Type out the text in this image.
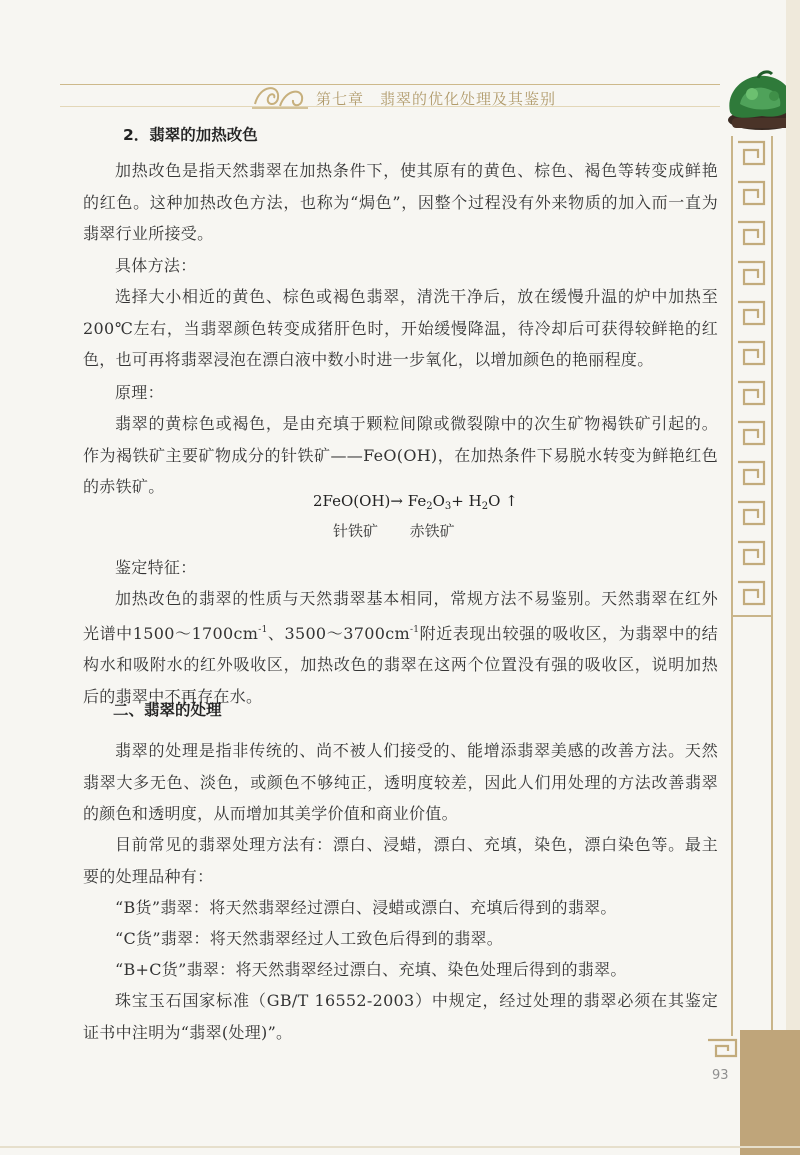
第七章　翡翠的优化处理及其鉴别
93
2．翡翠的加热改色

加热改色是指天然翡翠在加热条件下，使其原有的黄色、棕色、褐色等转变成鲜艳的红色。这种加热改色方法，也称为“焗色”，因整个过程没有外来物质的加入而一直为翡翠行业所接受。

具体方法：

选择大小相近的黄色、棕色或褐色翡翠，清洗干净后，放在缓慢升温的炉中加热至200℃左右，当翡翠颜色转变成猪肝色时，开始缓慢降温，待冷却后可获得较鲜艳的红色，也可再将翡翠浸泡在漂白液中数小时进一步氧化，以增加颜色的艳丽程度。

原理：

翡翠的黄棕色或褐色，是由充填于颗粒间隙或微裂隙中的次生矿物褐铁矿引起的。作为褐铁矿主要矿物成分的针铁矿——FeO(OH)，在加热条件下易脱水转变为鲜艳红色的赤铁矿。

$2FeO(OH)\to Fe_2O_3+ H_2O$ ↑
针铁矿 赤铁矿

鉴定特征：

加热改色的翡翠的性质与天然翡翠基本相同，常规方法不易鉴别。天然翡翠在红外光谱中$1500\sim 1700cm^{-1}$、$3500\sim 3700cm^{-1}$附近表现出较强的吸收区，为翡翠中的结构水和吸附水的红外吸收区，加热改色的翡翠在这两个位置没有强的吸收区，说明加热后的翡翠中不再存在水。

二、翡翠的处理

翡翠的处理是指非传统的、尚不被人们接受的、能增添翡翠美感的改善方法。天然翡翠大多无色、淡色，或颜色不够纯正，透明度较差，因此人们用处理的方法改善翡翠的颜色和透明度，从而增加其美学价值和商业价值。

目前常见的翡翠处理方法有：漂白、浸蜡，漂白、充填，染色，漂白染色等。最主要的处理品种有：

“B货”翡翠：将天然翡翠经过漂白、浸蜡或漂白、充填后得到的翡翠。

“C货”翡翠：将天然翡翠经过人工致色后得到的翡翠。

“B+C货”翡翠：将天然翡翠经过漂白、充填、染色处理后得到的翡翠。

珠宝玉石国家标准（GB/T 16552-2003）中规定，经过处理的翡翠必须在其鉴定证书中注明为“翡翠(处理)”。
